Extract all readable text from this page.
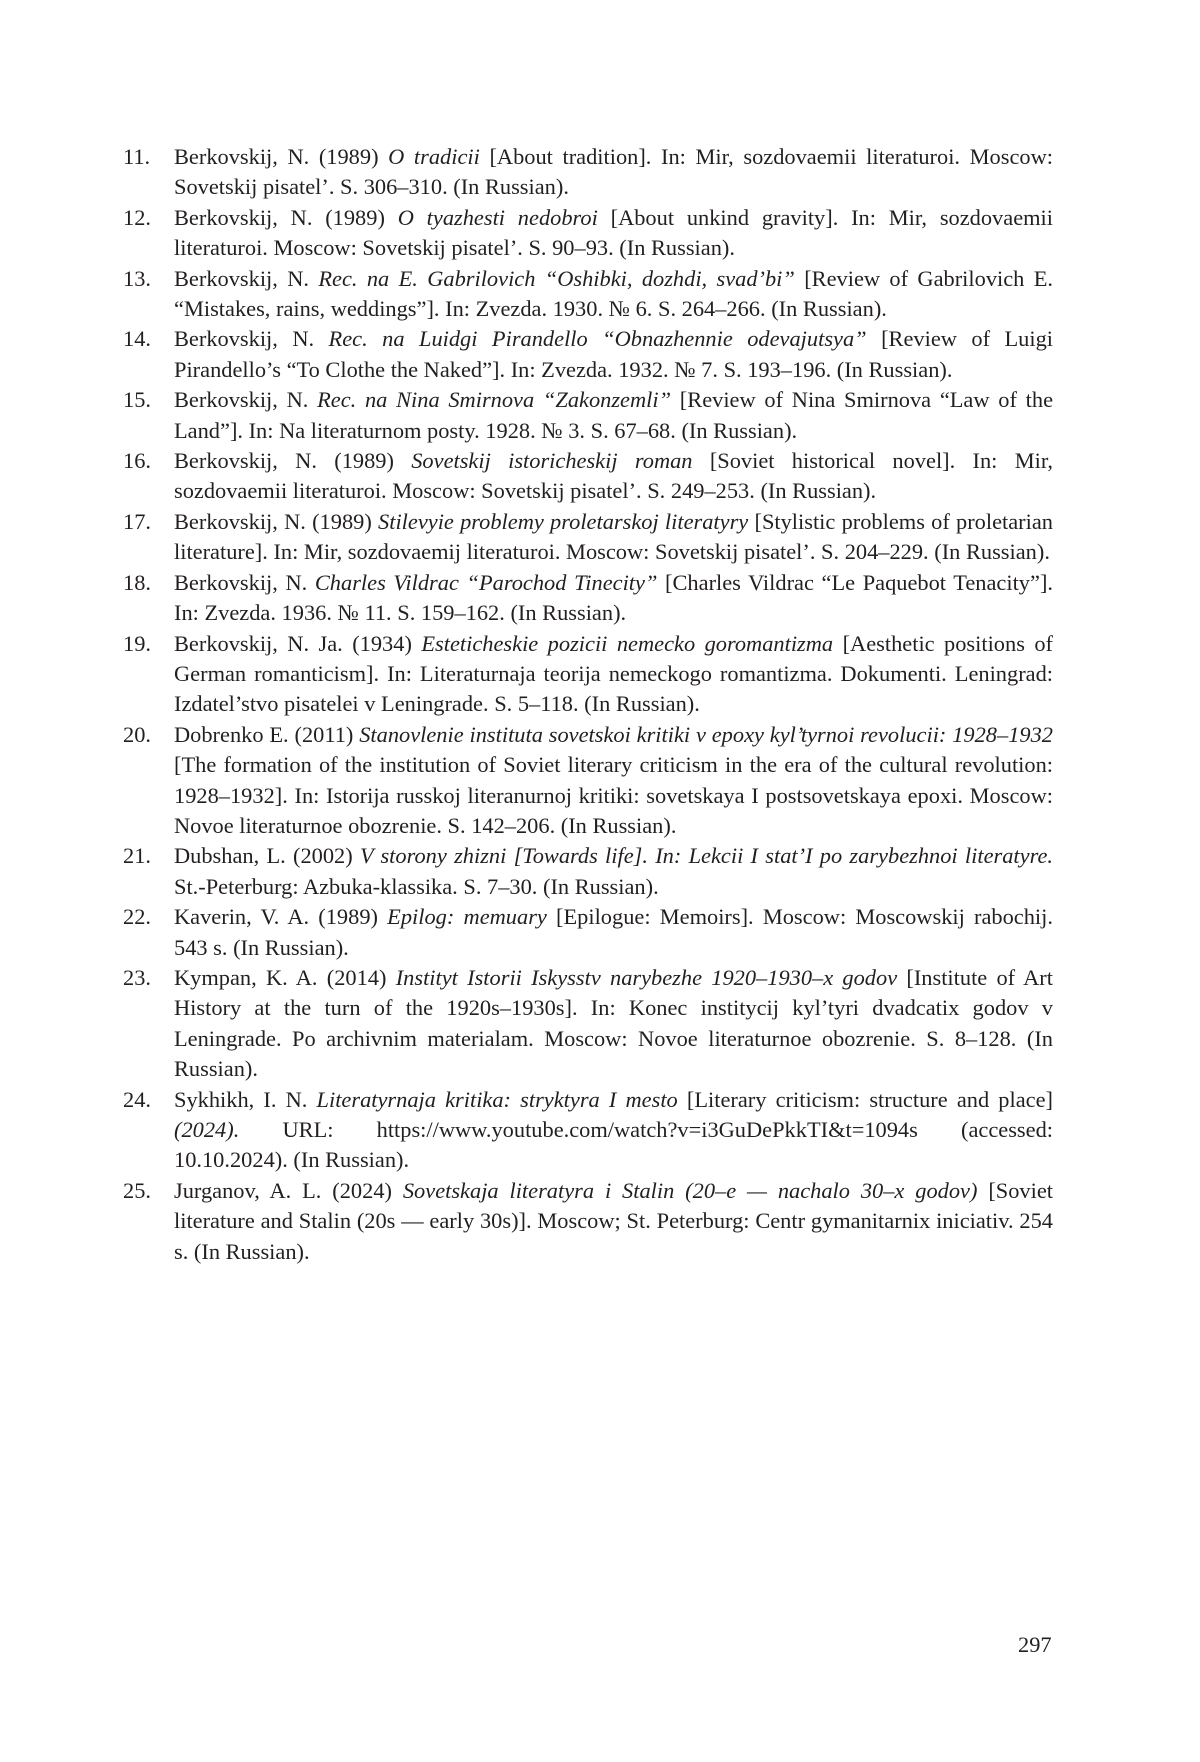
11. Berkovskij, N. (1989) O tradicii [About tradition]. In: Mir, sozdovaemii literaturoi. Moscow: Sovetskij pisatel’. S. 306–310. (In Russian).
12. Berkovskij, N. (1989) O tyazhesti nedobroi [About unkind gravity]. In: Mir, sozdovaemii literaturoi. Moscow: Sovetskij pisatel’. S. 90–93. (In Russian).
13. Berkovskij, N. Rec. na E. Gabrilovich “Oshibki, dozhdi, svad’bi” [Review of Gabrilovich E. “Mistakes, rains, weddings”]. In: Zvezda. 1930. № 6. S. 264–266. (In Russian).
14. Berkovskij, N. Rec. na Luidgi Pirandello “Obnazhennie odevajutsya” [Review of Luigi Pirandello’s “To Clothe the Naked”]. In: Zvezda. 1932. № 7. S. 193–196. (In Russian).
15. Berkovskij, N. Rec. na Nina Smirnova “Zakonzemli” [Review of Nina Smirnova “Law of the Land”]. In: Na literaturnom posty. 1928. № 3. S. 67–68. (In Russian).
16. Berkovskij, N. (1989) Sovetskij istoricheskij roman [Soviet historical novel]. In: Mir, sozdovaemii literaturoi. Moscow: Sovetskij pisatel’. S. 249–253. (In Russian).
17. Berkovskij, N. (1989) Stilevyie problemy proletarskoj literatyry [Stylistic problems of proletarian literature]. In: Mir, sozdovaemij literaturoi. Moscow: Sovetskij pisatel’. S. 204–229. (In Russian).
18. Berkovskij, N. Charles Vildrac “Parochod Tinecity” [Charles Vildrac “Le Paquebot Tenacity”]. In: Zvezda. 1936. № 11. S. 159–162. (In Russian).
19. Berkovskij, N. Ja. (1934) Esteticheskie pozicii nemecko goromantizma [Aesthetic positions of German romanticism]. In: Literaturnaja teorija nemeckogo romantizma. Dokumenti. Leningrad: Izdatel’stvo pisatelei v Leningrade. S. 5–118. (In Russian).
20. Dobrenko E. (2011) Stanovlenie instituta sovetskoi kritiki v epoxy kyl’tyrnoi revolucii: 1928–1932 [The formation of the institution of Soviet literary criticism in the era of the cultural revolution: 1928–1932]. In: Istorija russkoj literanurnoj kritiki: sovetskaya I postsovetskaya epoxi. Moscow: Novoe literaturnoe obozrenie. S. 142–206. (In Russian).
21. Dubshan, L. (2002) V storony zhizni [Towards life]. In: Lekcii I stat’I po zarybezhnoi literatyre. St.-Peterburg: Azbuka-klassika. S. 7–30. (In Russian).
22. Kaverin, V. A. (1989) Epilog: memuary [Epilogue: Memoirs]. Moscow: Moscowskij rabochij. 543 s. (In Russian).
23. Kympan, K. A. (2014) Instityt Istorii Iskysstv narybezhe 1920–1930–x godov [Institute of Art History at the turn of the 1920s–1930s]. In: Konec institycij kyl’tyri dvadcatix godov v Leningrade. Po archivnim materialam. Moscow: Novoe literaturnoe obozrenie. S. 8–128. (In Russian).
24. Sykhikh, I. N. Literatyrnaja kritika: stryktyra I mesto [Literary criticism: structure and place] (2024). URL: https://www.youtube.com/watch?v=i3GuDePkkTI&t=1094s (accessed: 10.10.2024). (In Russian).
25. Jurganov, A. L. (2024) Sovetskaja literatyra i Stalin (20–e — nachalo 30–x godov) [Soviet literature and Stalin (20s — early 30s)]. Moscow; St. Peterburg: Centr gymanitarnix iniciativ. 254 s. (In Russian).
297
